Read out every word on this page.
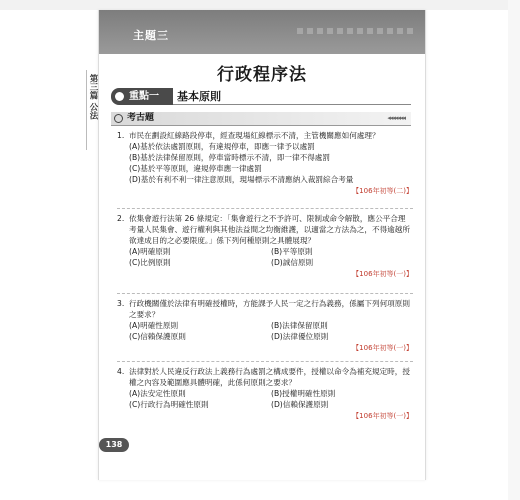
第三篇 公法
主題三
行政程序法
重點一	基本原則
考古題	◂◂◂◂◂◂◂
1. 市民在劃設紅線路段停車，經查現場紅線標示不清，主管機關應如何處理？
(A)基於依法處罰原則，有違規停車，即應一律予以處罰
(B)基於法律保留原則，停車當時標示不清，即一律不得處罰
(C)基於平等原則，違規停車應一律處罰
(D)基於有利不利一律注意原則，現場標示不清應納入裁罰綜合考量
【106年初等(二)】
2. 依集會遊行法第 26 條規定：「集會遊行之不予許可、限制或命令解散，應公平合理考量人民集會、遊行權利與其他法益間之均衡維護，以適當之方法為之，不得逾越所欲達成目的之必要限度。」係下列何種原則之具體展現？
(A)明確原則	(B)平等原則
(C)比例原則	(D)誠信原則
【106年初等(一)】
3. 行政機關僅於法律有明確授權時，方能課予人民一定之行為義務，係屬下列何項原則之要求？
(A)明確性原則	(B)法律保留原則
(C)信賴保護原則	(D)法律優位原則
【106年初等(一)】
4. 法律對於人民違反行政法上義務行為處罰之構成要件，授權以命令為補充規定時，授權之內容及範圍應具體明確，此係何原則之要求？
(A)法安定性原則	(B)授權明確性原則
(C)行政行為明確性原則	(D)信賴保護原則
【106年初等(一)】
138
